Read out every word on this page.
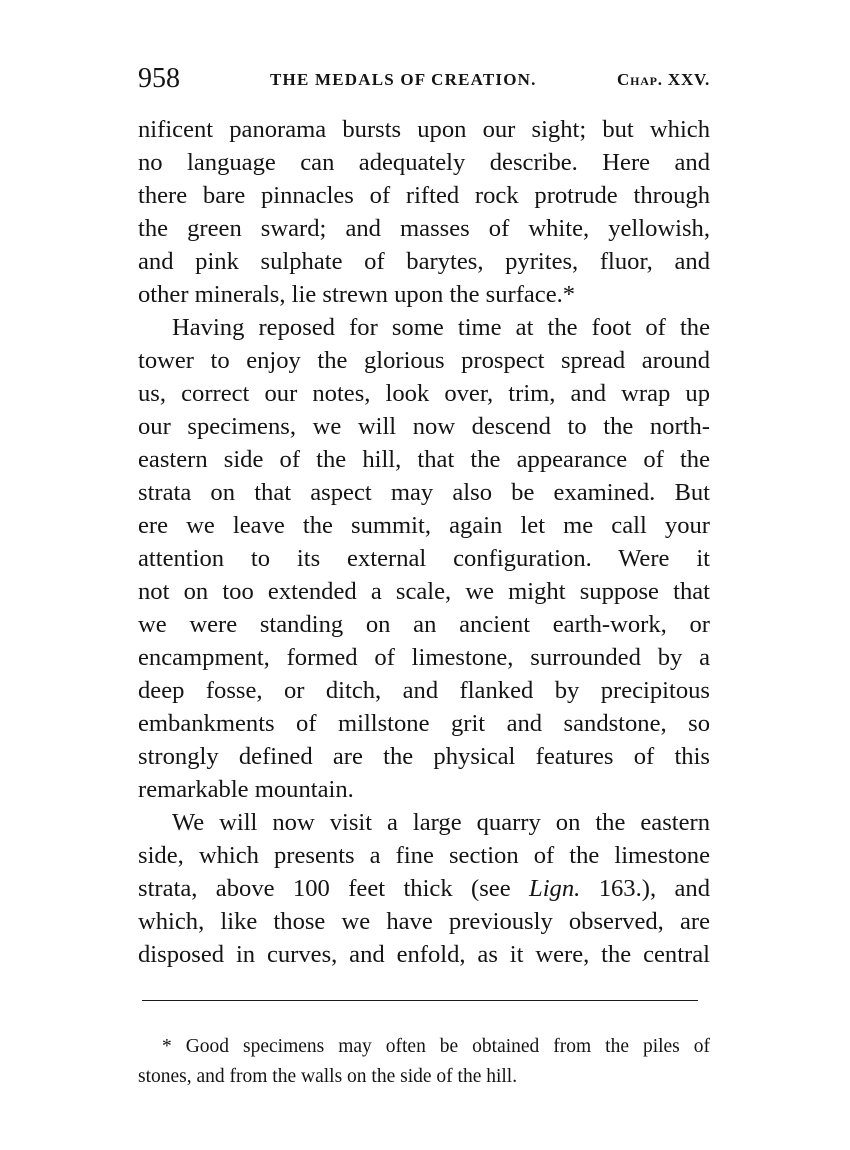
958	THE MEDALS OF CREATION.	Chap. XXV.
nificent panorama bursts upon our sight; but which
no language can adequately describe. Here and
there bare pinnacles of rifted rock protrude through
the green sward; and masses of white, yellowish,
and pink sulphate of barytes, pyrites, fluor, and
other minerals, lie strewn upon the surface.*
Having reposed for some time at the foot of the
tower to enjoy the glorious prospect spread around
us, correct our notes, look over, trim, and wrap up
our specimens, we will now descend to the north-
eastern side of the hill, that the appearance of the
strata on that aspect may also be examined. But
ere we leave the summit, again let me call your
attention to its external configuration. Were it
not on too extended a scale, we might suppose that
we were standing on an ancient earth-work, or
encampment, formed of limestone, surrounded by a
deep fosse, or ditch, and flanked by precipitous
embankments of millstone grit and sandstone, so
strongly defined are the physical features of this
remarkable mountain.
We will now visit a large quarry on the eastern
side, which presents a fine section of the limestone
strata, above 100 feet thick (see Lign. 163.), and
which, like those we have previously observed, are
disposed in curves, and enfold, as it were, the central
* Good specimens may often be obtained from the piles of
stones, and from the walls on the side of the hill.
